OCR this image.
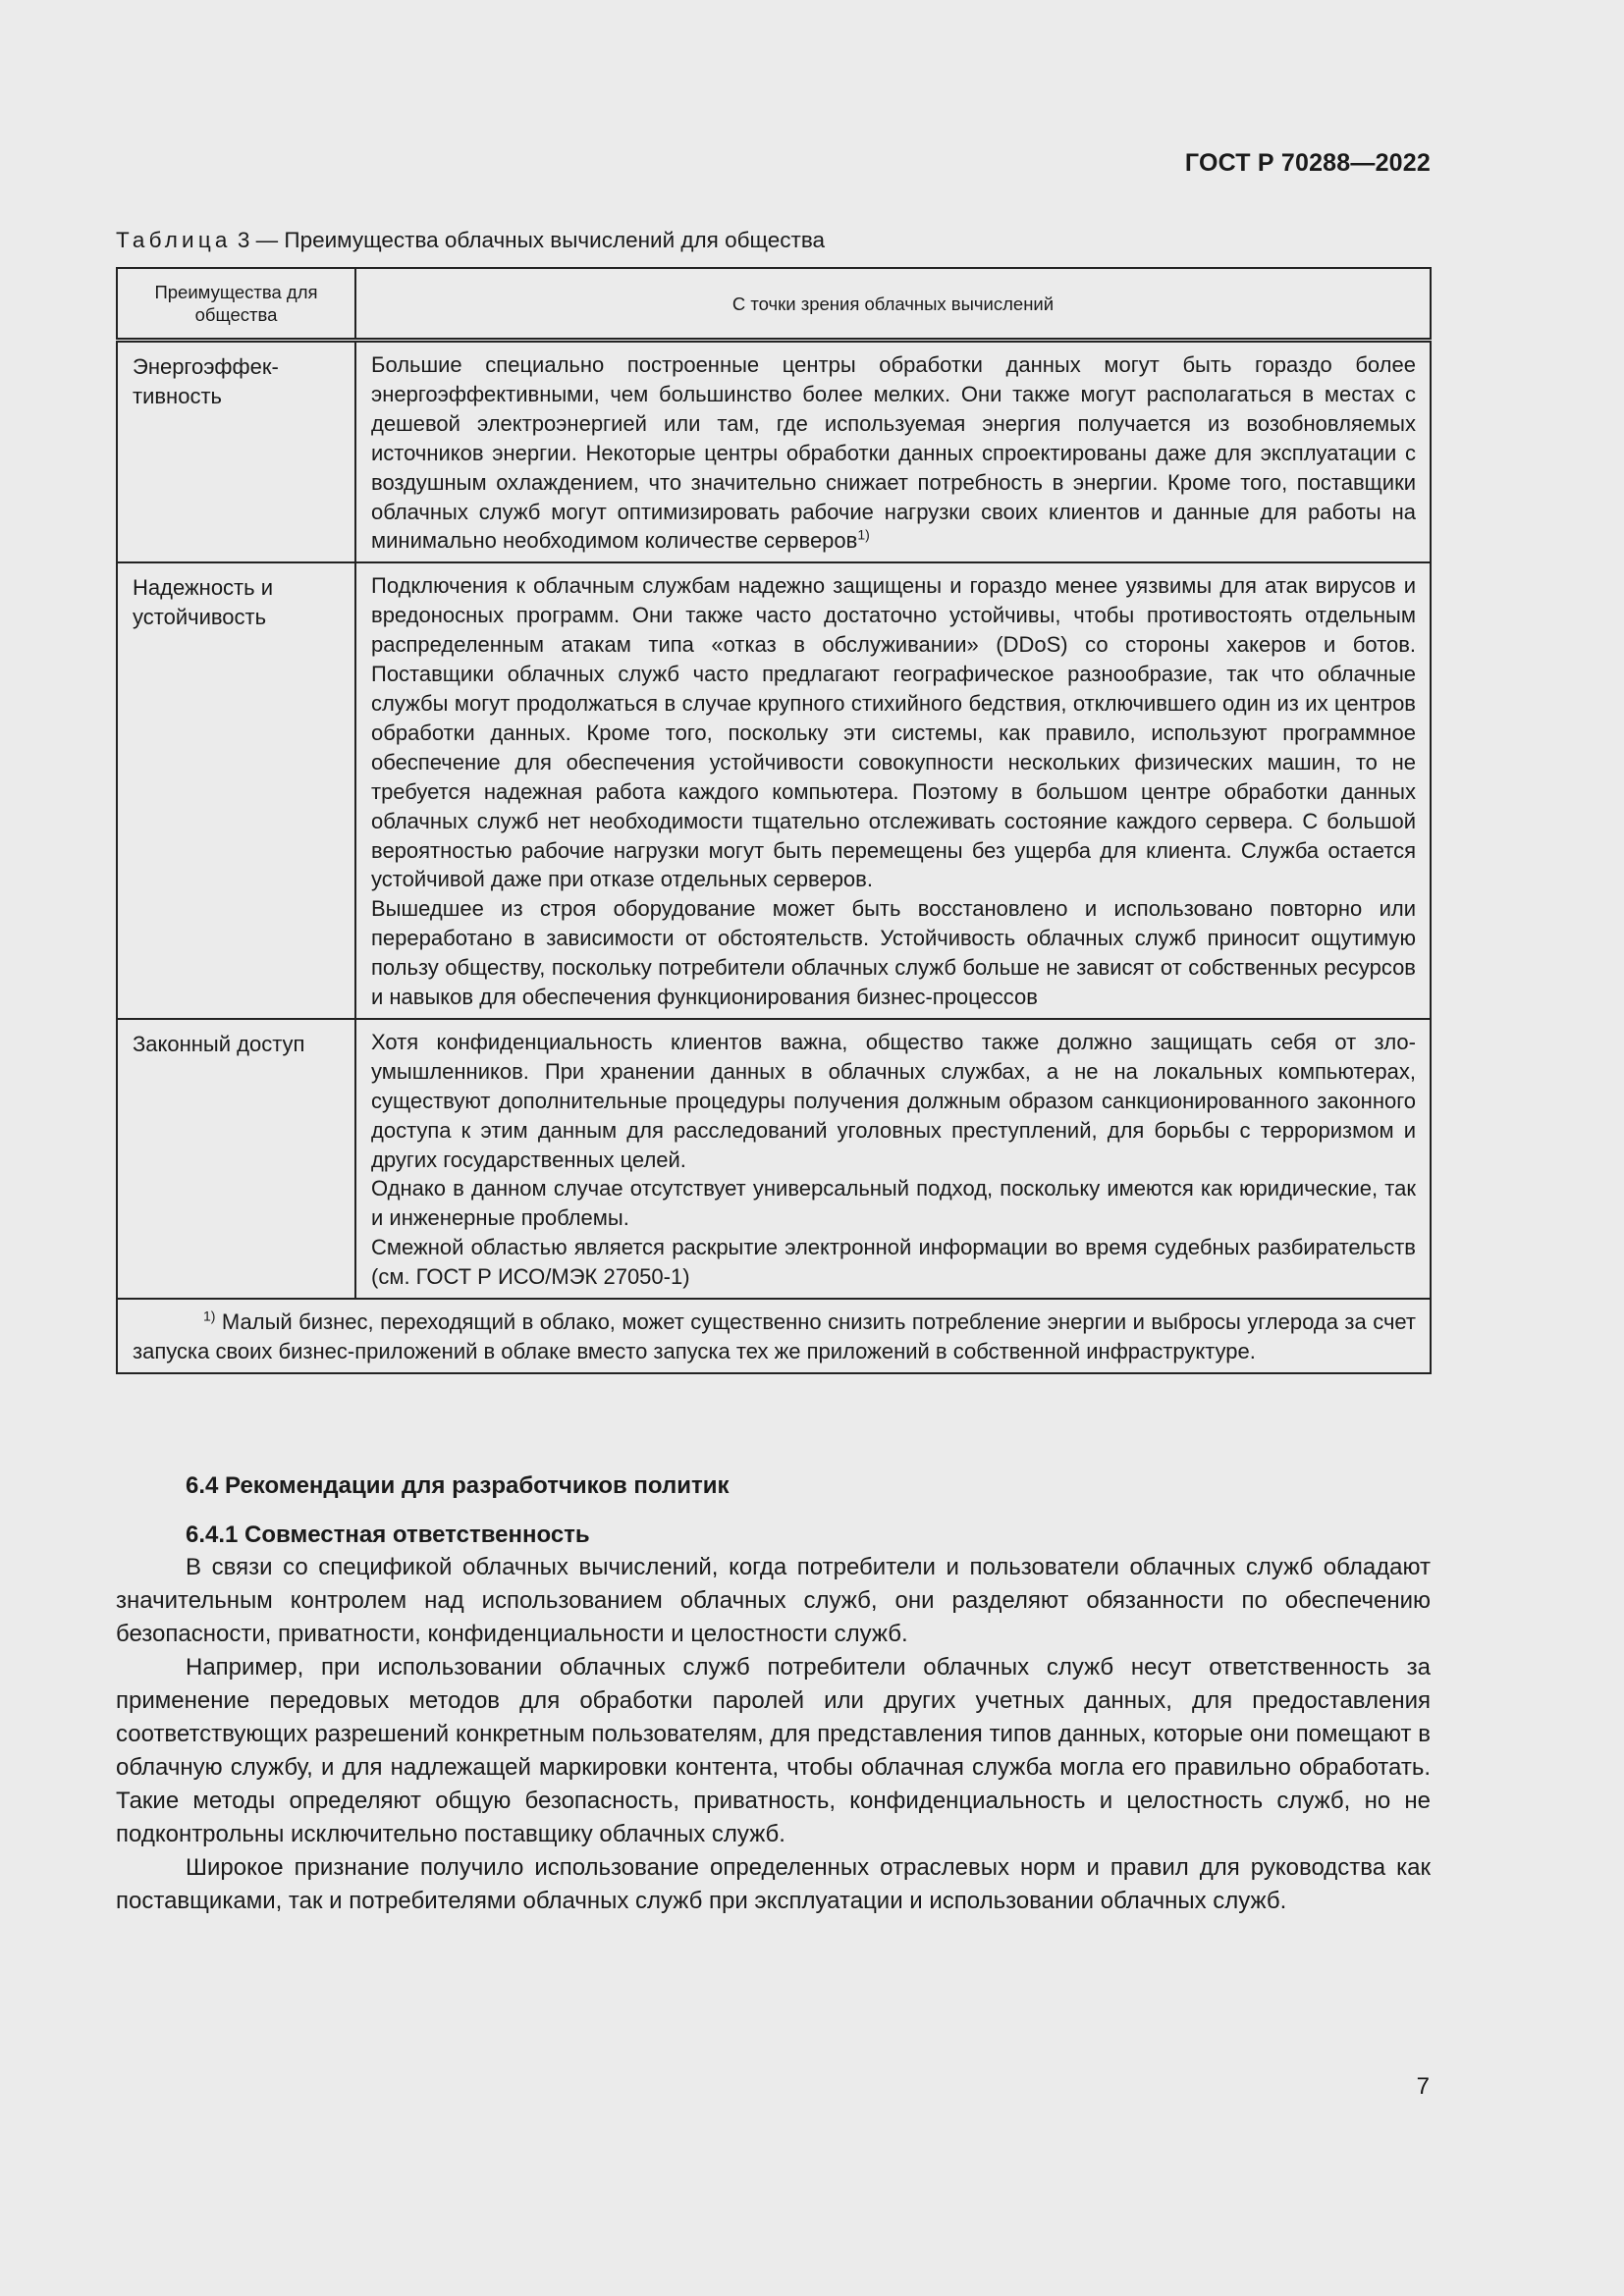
ГОСТ Р 70288—2022
Таблица 3 — Преимущества облачных вычислений для общества
Преимущества для общества	С точки зрения облачных вычислений
Энергоэффективность	Большие специально построенные центры обработки данных могут быть гораздо более энергоэффективными, чем большинство более мелких. Они также могут располагаться в местах с дешевой электроэнергией или там, где используемая энергия получается из возобновляемых источников энергии. Некоторые центры обработки данных спроектированы даже для эксплуатации с воздушным охлаждением, что значительно снижает потребность в энергии. Кроме того, поставщики облачных служб могут оптимизировать рабочие нагрузки своих клиентов и данные для работы на минимально необходимом количестве серверов$^{1)}$

Надежность и устойчивость	Подключения к облачным службам надежно защищены и гораздо менее уязвимы для атак вирусов и вредоносных программ. Они также часто достаточно устойчивы, чтобы противостоять отдельным распределенным атакам типа «отказ в обслуживании» (DDoS) со стороны хакеров и ботов. Поставщики облачных служб часто предлагают географическое разнообразие, так что облачные службы могут продолжаться в случае крупного стихийного бедствия, отключившего один из их центров обработки данных. Кроме того, поскольку эти системы, как правило, используют программное обеспечение для обеспечения устойчивости совокупности нескольких физических машин, то не требуется надежная работа каждого компьютера. Поэтому в большом центре обработки данных облачных служб нет необходимости тщательно отслеживать состояние каждого сервера. С большой вероятностью рабочие нагрузки могут быть перемещены без ущерба для клиента. Служба остается устойчивой даже при отказе отдельных серверов.

Вышедшее из строя оборудование может быть восстановлено и использовано повторно или переработано в зависимости от обстоятельств. Устойчивость облачных служб приносит ощутимую пользу обществу, поскольку потребители облачных служб больше не зависят от собственных ресурсов и навыков для обеспечения функционирования бизнес-процессов

Законный доступ	Хотя конфиденциальность клиентов важна, общество также должно защищать себя от злоумышленников. При хранении данных в облачных службах, а не на локальных компьютерах, существуют дополнительные процедуры получения должным образом санкционированного законного доступа к этим данным для расследований уголовных преступлений, для борьбы с терроризмом и других государственных целей.

Однако в данном случае отсутствует универсальный подход, поскольку имеются как юридические, так и инженерные проблемы.

Смежной областью является раскрытие электронной информации во время судебных разбирательств (см. ГОСТ Р ИСО/МЭК 27050-1)

$^{1)}$ Малый бизнес, переходящий в облако, может существенно снизить потребление энергии и выбросы углерода за счет запуска своих бизнес-приложений в облаке вместо запуска тех же приложений в собственной инфраструктуре.	
6.4 Рекомендации для разработчиков политик
6.4.1 Совместная ответственность

В связи со спецификой облачных вычислений, когда потребители и пользователи облачных служб обладают значительным контролем над использованием облачных служб, они разделяют обязанности по обеспечению безопасности, приватности, конфиденциальности и целостности служб.

Например, при использовании облачных служб потребители облачных служб несут ответственность за применение передовых методов для обработки паролей или других учетных данных, для предоставления соответствующих разрешений конкретным пользователям, для представления типов данных, которые они помещают в облачную службу, и для надлежащей маркировки контента, чтобы облачная служба могла его правильно обработать. Такие методы определяют общую безопасность, приватность, конфиденциальность и целостность служб, но не подконтрольны исключительно поставщику облачных служб.

Широкое признание получило использование определенных отраслевых норм и правил для руководства как поставщиками, так и потребителями облачных служб при эксплуатации и использовании облачных служб.

7
